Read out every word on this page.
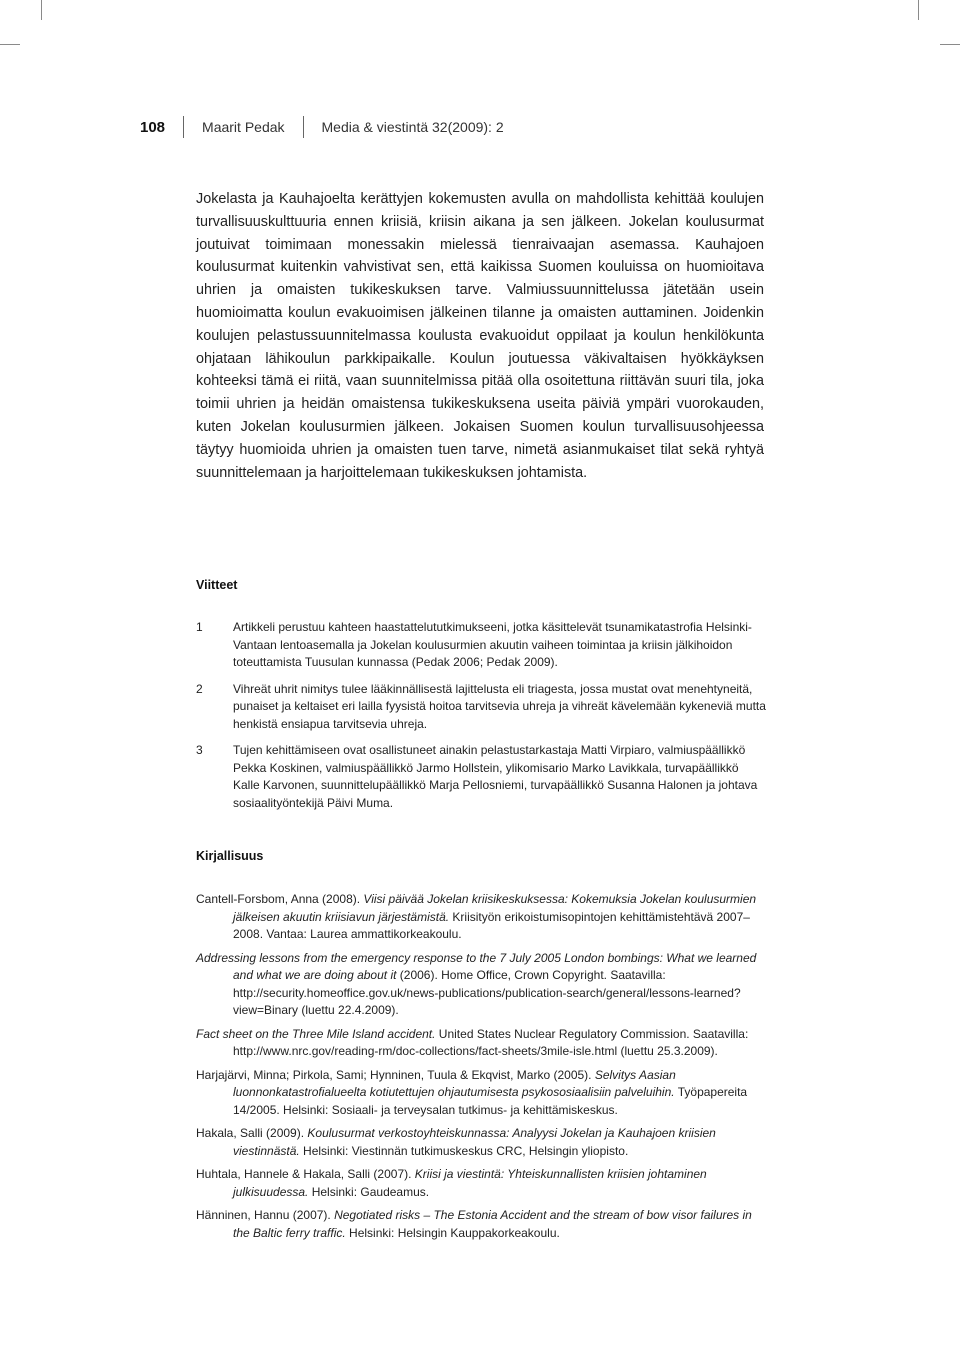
108	Maarit Pedak	Media & viestintä 32(2009): 2

Jokelasta ja Kauhajoelta kerättyjen kokemusten avulla on mahdollista kehittää koulujen turvallisuuskulttuuria ennen kriisiä, kriisin aikana ja sen jälkeen. Jokelan koulusurmat joutuivat toimimaan monessakin mielessä tienraivaajan asemassa. Kauhajoen koulusurmat kuitenkin vahvistivat sen, että kaikissa Suomen kouluissa on huomioitava uhrien ja omaisten tukikeskuksen tarve. Valmiussuunnittelussa jätetään usein huomioimatta koulun evakuoimisen jälkeinen tilanne ja omaisten auttaminen. Joidenkin koulujen pelastussuunnitelmassa koulusta evakuoidut oppilaat ja koulun henkilökunta ohjataan lähikoulun parkkipaikalle. Koulun joutuessa väkivaltaisen hyökkäyksen kohteeksi tämä ei riitä, vaan suunnitelmissa pitää olla osoitettuna riittävän suuri tila, joka toimii uhrien ja heidän omaistensa tukikeskuksena useita päiviä ympäri vuorokauden, kuten Jokelan koulusurmien jälkeen. Jokaisen Suomen koulun turvallisuusohjeessa täytyy huomioida uhrien ja omaisten tuen tarve, nimetä asianmukaiset tilat sekä ryhtyä suunnittelemaan ja harjoittelemaan tukikeskuksen johtamista.

Viitteet
1	Artikkeli perustuu kahteen haastattelututkimukseeni, jotka käsittelevät tsunamikatastrofia Helsinki-Vantaan lentoasemalla ja Jokelan koulusurmien akuutin vaiheen toimintaa ja kriisin jälkihoidon toteuttamista Tuusulan kunnassa (Pedak 2006; Pedak 2009).
2	Vihreät uhrit nimitys tulee lääkinnällisestä lajittelusta eli triagesta, jossa mustat ovat menehtyneitä, punaiset ja keltaiset eri lailla fyysistä hoitoa tarvitsevia uhreja ja vihreät kävelemään kykeneviä mutta henkistä ensiapua tarvitsevia uhreja.
3	Tujen kehittämiseen ovat osallistuneet ainakin pelastustarkastaja Matti Virpiaro, valmiuspäällikkö Pekka Koskinen, valmiuspäällikkö Jarmo Hollstein, ylikomisario Marko Lavikkala, turvapäällikkö Kalle Karvonen, suunnittelupäällikkö Marja Pellosniemi, turvapäällikkö Susanna Halonen ja johtava sosiaalityöntekijä Päivi Muma.
Kirjallisuus
Cantell-Forsbom, Anna (2008). Viisi päivää Jokelan kriisikeskuksessa: Kokemuksia Jokelan koulusurmien jälkeisen akuutin kriisiavun järjestämistä. Kriisityön erikoistumisopintojen kehittämistehtävä 2007–2008. Vantaa: Laurea ammattikorkeakoulu.
Addressing lessons from the emergency response to the 7 July 2005 London bombings: What we learned and what we are doing about it (2006). Home Office, Crown Copyright. Saatavilla: http://security.homeoffice.gov.uk/news-publications/publication-search/general/lessons-learned?view=Binary (luettu 22.4.2009).
Fact sheet on the Three Mile Island accident. United States Nuclear Regulatory Commission. Saatavilla: http://www.nrc.gov/reading-rm/doc-collections/fact-sheets/3mile-isle.html (luettu 25.3.2009).
Harjajärvi, Minna; Pirkola, Sami; Hynninen, Tuula & Ekqvist, Marko (2005). Selvitys Aasian luonnonkatastrofialueelta kotiutettujen ohjautumisesta psykososiaalisiin palveluihin. Työpapereita 14/2005. Helsinki: Sosiaali- ja terveysalan tutkimus- ja kehittämiskeskus.
Hakala, Salli (2009). Koulusurmat verkostoyhteiskunnassa: Analyysi Jokelan ja Kauhajoen kriisien viestinnästä. Helsinki: Viestinnän tutkimuskeskus CRC, Helsingin yliopisto.
Huhtala, Hannele & Hakala, Salli (2007). Kriisi ja viestintä: Yhteiskunnallisten kriisien johtaminen julkisuudessa. Helsinki: Gaudeamus.
Hänninen, Hannu (2007). Negotiated risks – The Estonia Accident and the stream of bow visor failures in the Baltic ferry traffic. Helsinki: Helsingin Kauppakorkeakoulu.
